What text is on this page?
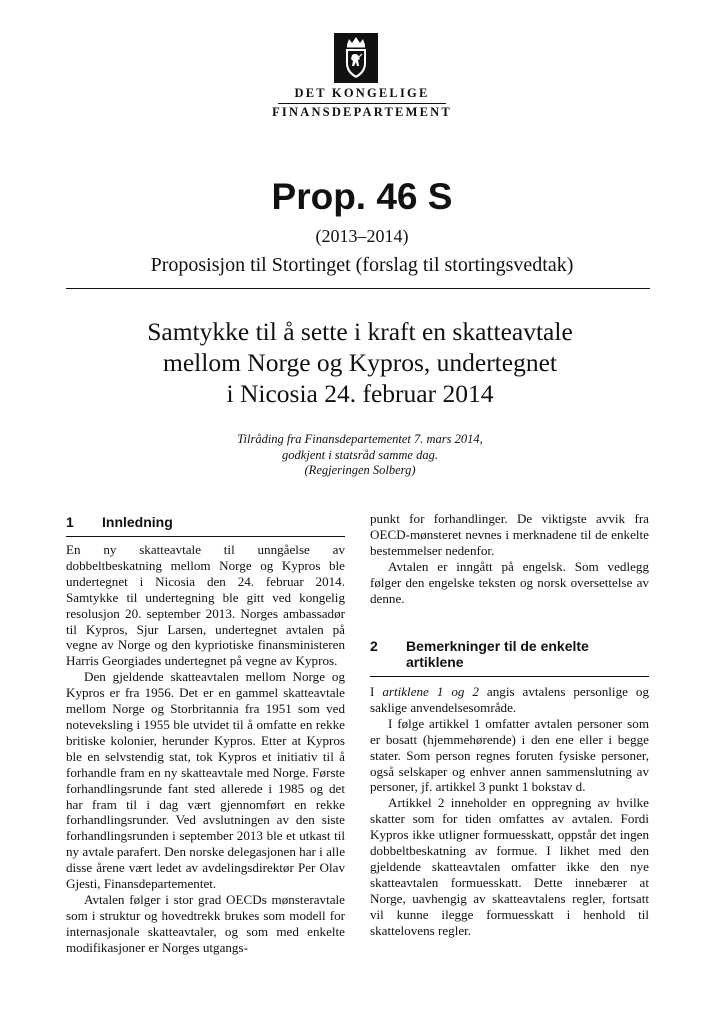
DET KONGELIGE
FINANSDEPARTEMENT
Prop. 46 S
(2013–2014)
Proposisjon til Stortinget (forslag til stortingsvedtak)
Samtykke til å sette i kraft en skatteavtale
mellom Norge og Kypros, undertegnet
i Nicosia 24. februar 2014
Tilråding fra Finansdepartementet 7. mars 2014,
godkjent i statsråd samme dag.
(Regjeringen Solberg)
1 Innledning

En ny skatteavtale til unngåelse av dobbeltbeskatning mellom Norge og Kypros ble undertegnet i Nicosia den 24. februar 2014. Samtykke til undertegning ble gitt ved kongelig resolusjon 20. september 2013. Norges ambassadør til Kypros, Sjur Larsen, undertegnet avtalen på vegne av Norge og den kypriotiske finansministeren Harris Georgiades undertegnet på vegne av Kypros.

Den gjeldende skatteavtalen mellom Norge og Kypros er fra 1956. Det er en gammel skatteavtale mellom Norge og Storbritannia fra 1951 som ved noteveksling i 1955 ble utvidet til å omfatte en rekke britiske kolonier, herunder Kypros. Etter at Kypros ble en selvstendig stat, tok Kypros et initiativ til å forhandle fram en ny skatteavtale med Norge. Første forhandlingsrunde fant sted allerede i 1985 og det har fram til i dag vært gjennomført en rekke forhandlingsrunder. Ved avslutningen av den siste forhandlingsrunden i september 2013 ble et utkast til ny avtale parafert. Den norske delegasjonen har i alle disse årene vært ledet av avdelingsdirektør Per Olav Gjesti, Finansdepartementet.

Avtalen følger i stor grad OECDs mønsteravtale som i struktur og hovedtrekk brukes som modell for internasjonale skatteavtaler, og som med enkelte modifikasjoner er Norges utgangs-

punkt for forhandlinger. De viktigste avvik fra OECD-mønsteret nevnes i merknadene til de enkelte bestemmelser nedenfor.

Avtalen er inngått på engelsk. Som vedlegg følger den engelske teksten og norsk oversettelse av denne.

2 Bemerkninger til de enkelte artiklene

I artiklene 1 og 2 angis avtalens personlige og saklige anvendelsesområde.

I følge artikkel 1 omfatter avtalen personer som er bosatt (hjemmehørende) i den ene eller i begge stater. Som person regnes foruten fysiske personer, også selskaper og enhver annen sammenslutning av personer, jf. artikkel 3 punkt 1 bokstav d.

Artikkel 2 inneholder en oppregning av hvilke skatter som for tiden omfattes av avtalen. Fordi Kypros ikke utligner formuesskatt, oppstår det ingen dobbeltbeskatning av formue. I likhet med den gjeldende skatteavtalen omfatter ikke den nye skatteavtalen formuesskatt. Dette innebærer at Norge, uavhengig av skatteavtalens regler, fortsatt vil kunne ilegge formuesskatt i henhold til skattelovens regler.
